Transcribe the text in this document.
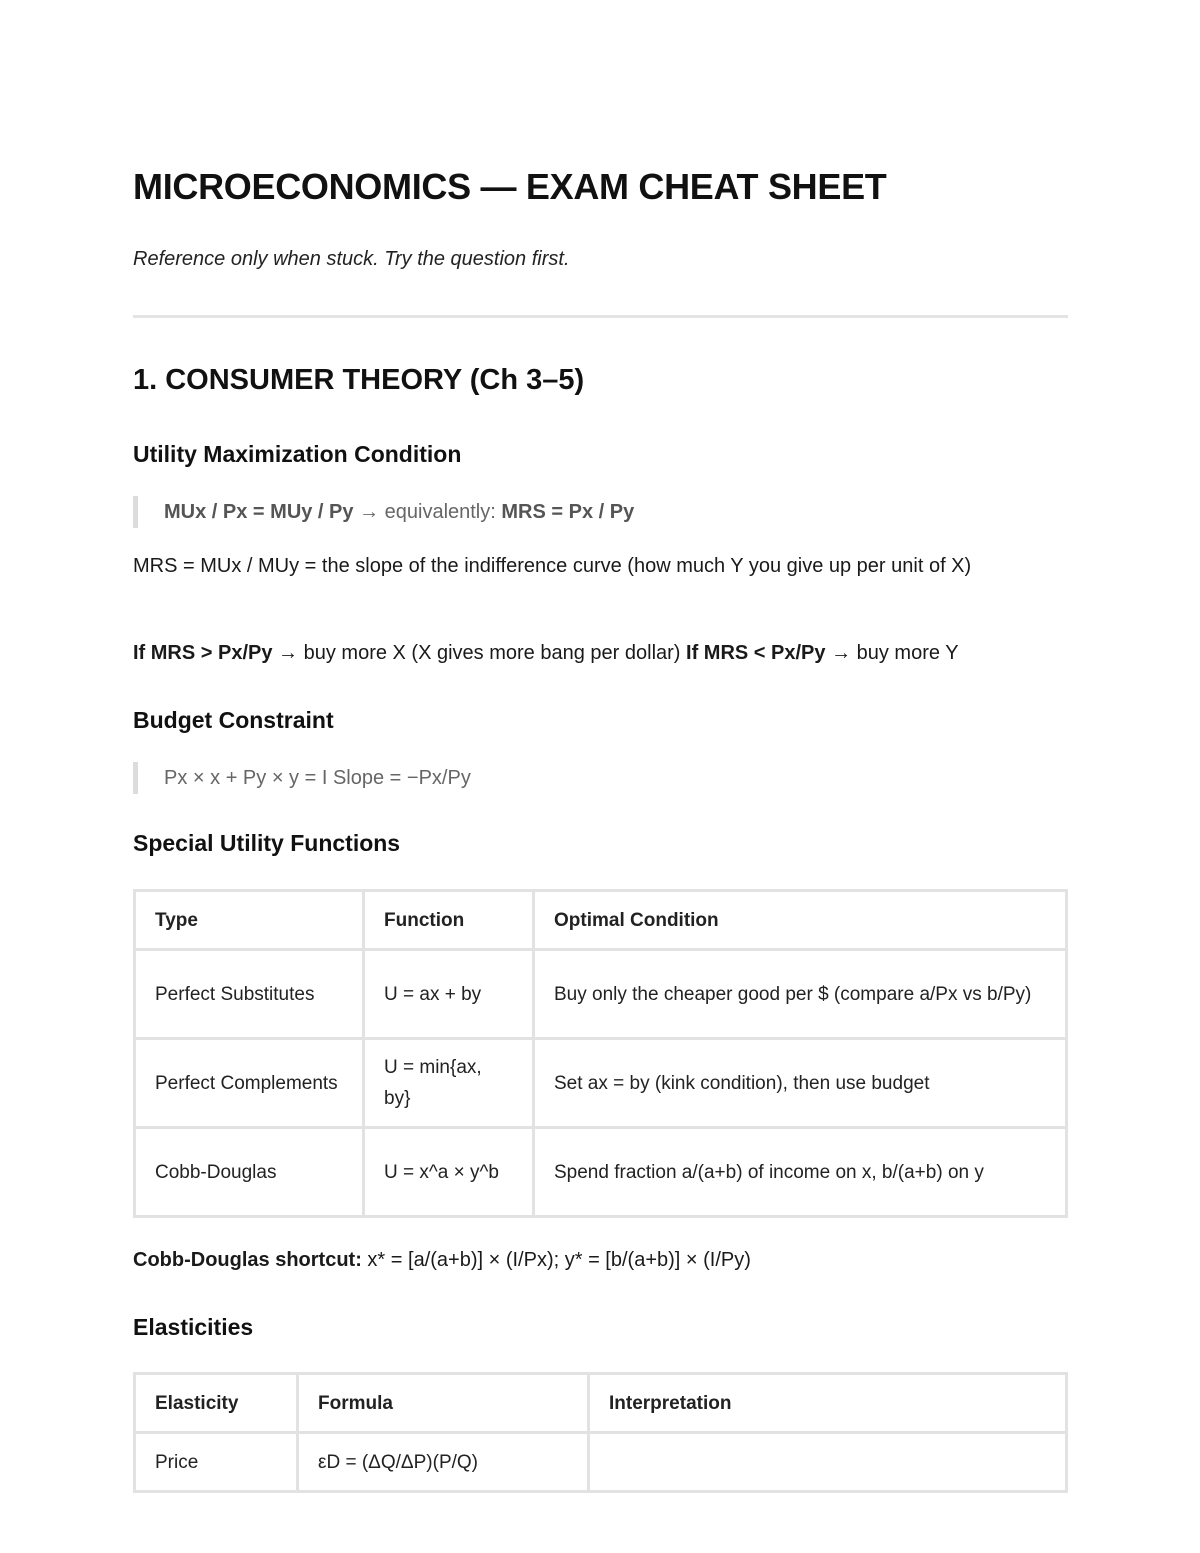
MICROECONOMICS — EXAM CHEAT SHEET

Reference only when stuck. Try the question first.

1. CONSUMER THEORY (Ch 3–5)
Utility Maximization Condition
MUx / Px = MUy / Py → equivalently: MRS = Px / Py

MRS = MUx / MUy = the slope of the indifference curve (how much Y you give up per unit of X)

If MRS > Px/Py → buy more X (X gives more bang per dollar) If MRS < Px/Py → buy more Y

Budget Constraint
Px × x + Py × y = I Slope = −Px/Py
Special Utility Functions
Type	Function	Optimal Condition
Perfect Substitutes	U = ax + by	Buy only the cheaper good per $ (compare a/Px vs b/Py)
Perfect Complements	U = min{ax, by}	Set ax = by (kink condition), then use budget
Cobb-Douglas	U = x^a × y^b	Spend fraction a/(a+b) of income on x, b/(a+b) on y

Cobb-Douglas shortcut: x* = [a/(a+b)] × (I/Px); y* = [b/(a+b)] × (I/Py)

Elasticities
Elasticity	Formula	Interpretation
Price	εD = (ΔQ/ΔP)(P/Q)	
